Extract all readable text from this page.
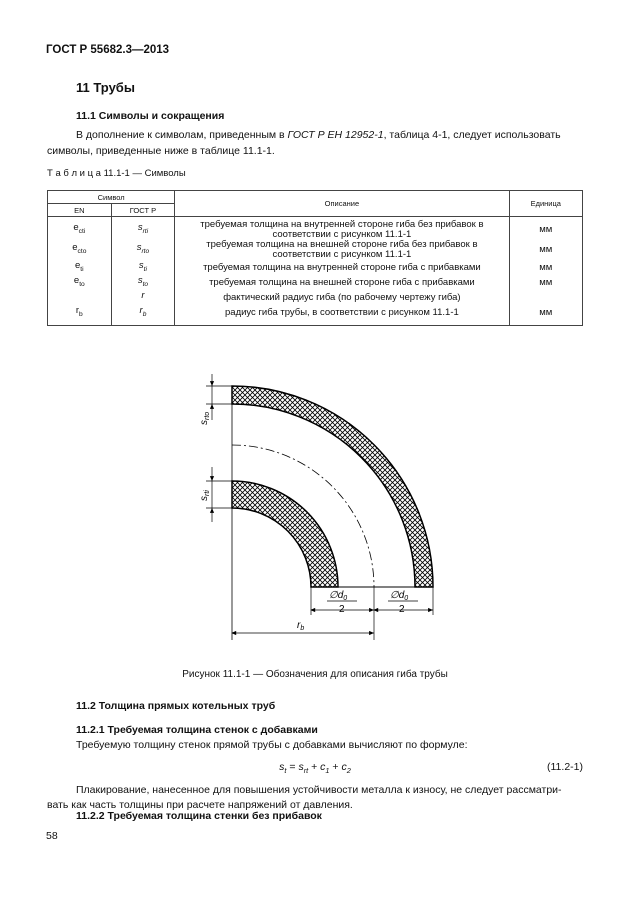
ГОСТ Р 55682.3—2013
11 Трубы
11.1 Символы и сокращения
В дополнение к символам, приведенным в ГОСТ Р ЕН 12952-1, таблица 4-1, следует использовать
символы, приведенные ниже в таблице 11.1-1.
Т а б л и ц а 11.1-1 — Символы
Символ		Описание	Единица
EN	ГОСТ Р		
$e_{cti}$	$s_{rti}$	требуемая толщина на внутренней стороне гиба без прибавок в
соответствии с рисунком 11.1-1	мм
$e_{cto}$	$s_{rto}$	требуемая толщина на внешней стороне гиба без прибавок в
соответствии с рисунком 11.1-1	мм
$e_{ti}$	$s_{ti}$	требуемая толщина на внутренней стороне гиба с прибавками	мм
$e_{to}$	$s_{to}$	требуемая толщина на внешней стороне гиба с прибавками	мм
	r	фактический радиус гиба (по рабочему чертежу гиба)	
$r_b$	$r_b$	радиус гиба трубы, в соответствии с рисунком 11.1-1	мм
$s_{rto}$
$s_{rti}$
$\emptyset d_0$
2
$\emptyset d_0$
2
$r_b$
Рисунок 11.1-1 — Обозначения для описания гиба трубы
11.2 Толщина прямых котельных труб
11.2.1 Требуемая толщина стенок с добавками
Требуемую толщину стенок прямой трубы с добавками вычисляют по формуле:
$s_t = s_{rt} + c_1 + c_2$	(11.2-1)
Плакирование, нанесенное для повышения устойчивости металла к износу, не следует рассматри-
вать как часть толщины при расчете напряжений от давления.
11.2.2 Требуемая толщина стенки без прибавок
58
